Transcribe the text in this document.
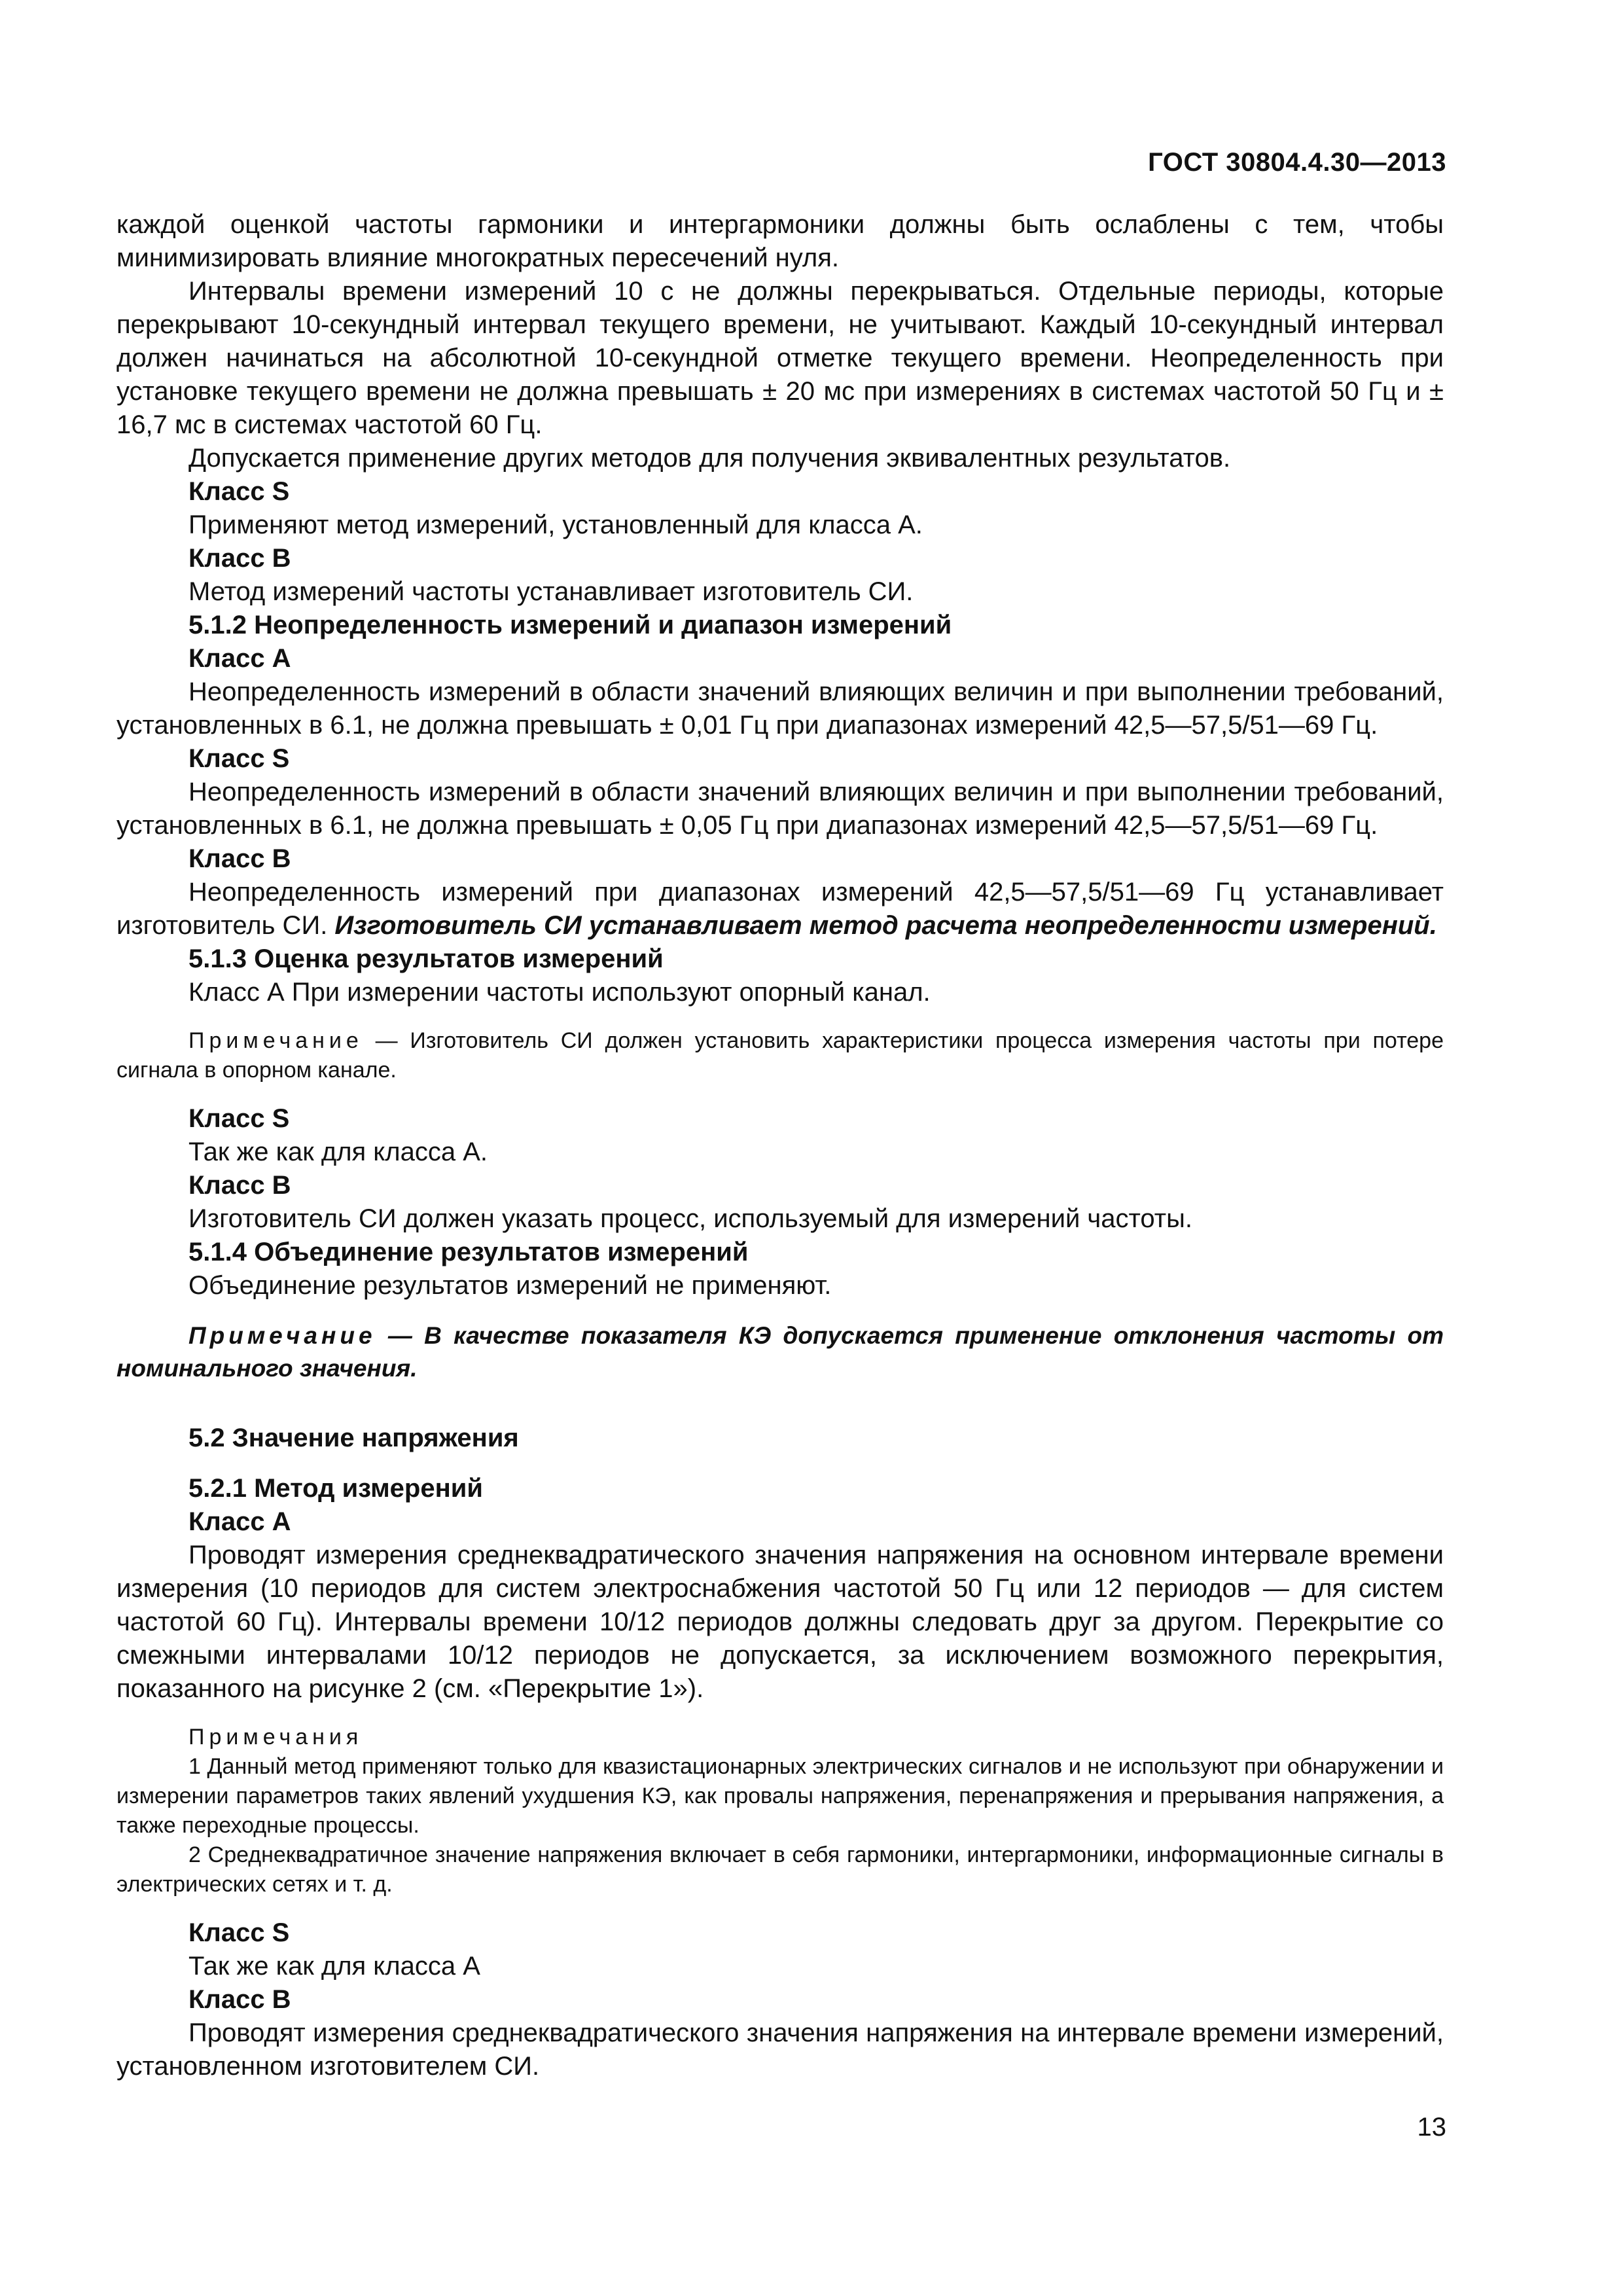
ГОСТ 30804.4.30—2013

каждой оценкой частоты гармоники и интергармоники должны быть ослаблены с тем, чтобы минимизировать влияние многократных пересечений нуля.

Интервалы времени измерений 10 с не должны перекрываться. Отдельные периоды, которые перекрывают 10-секундный интервал текущего времени, не учитывают. Каждый 10-секундный интервал должен начинаться на абсолютной 10-секундной отметке текущего времени. Неопределенность при установке текущего времени не должна превышать ± 20 мс при измерениях в системах частотой 50 Гц и ± 16,7 мс в системах частотой 60 Гц.

Допускается применение других методов для получения эквивалентных результатов.

Класс S

Применяют метод измерений, установленный для класса А.

Класс В

Метод измерений частоты устанавливает изготовитель СИ.

5.1.2 Неопределенность измерений и диапазон измерений

Класс А

Неопределенность измерений в области значений влияющих величин и при выполнении требований, установленных в 6.1, не должна превышать ± 0,01 Гц при диапазонах измерений 42,5—57,5/51—69 Гц.

Класс S

Неопределенность измерений в области значений влияющих величин и при выполнении требований, установленных в 6.1, не должна превышать ± 0,05 Гц при диапазонах измерений 42,5—57,5/51—69 Гц.

Класс В

Неопределенность измерений при диапазонах измерений 42,5—57,5/51—69 Гц устанавливает изготовитель СИ. Изготовитель СИ устанавливает метод расчета неопределенности измерений.

5.1.3 Оценка результатов измерений

Класс А При измерении частоты используют опорный канал.

Примечание — Изготовитель СИ должен установить характеристики процесса измерения частоты при потере сигнала в опорном канале.

Класс S

Так же как для класса А.

Класс В

Изготовитель СИ должен указать процесс, используемый для измерений частоты.

5.1.4 Объединение результатов измерений

Объединение результатов измерений не применяют.

Примечание — В качестве показателя КЭ допускается применение отклонения частоты от номинального значения.

5.2 Значение напряжения

5.2.1 Метод измерений

Класс А

Проводят измерения среднеквадратического значения напряжения на основном интервале времени измерения (10 периодов для систем электроснабжения частотой 50 Гц или 12 периодов — для систем частотой 60 Гц). Интервалы времени 10/12 периодов должны следовать друг за другом. Перекрытие со смежными интервалами 10/12 периодов не допускается, за исключением возможного перекрытия, показанного на рисунке 2 (см. «Перекрытие 1»).

Примечания

1 Данный метод применяют только для квазистационарных электрических сигналов и не используют при обнаружении и измерении параметров таких явлений ухудшения КЭ, как провалы напряжения, перенапряжения и прерывания напряжения, а также переходные процессы.

2 Среднеквадратичное значение напряжения включает в себя гармоники, интергармоники, информационные сигналы в электрических сетях и т. д.

Класс S

Так же как для класса А

Класс В

Проводят измерения среднеквадратического значения напряжения на интервале времени измерений, установленном изготовителем СИ.

13
